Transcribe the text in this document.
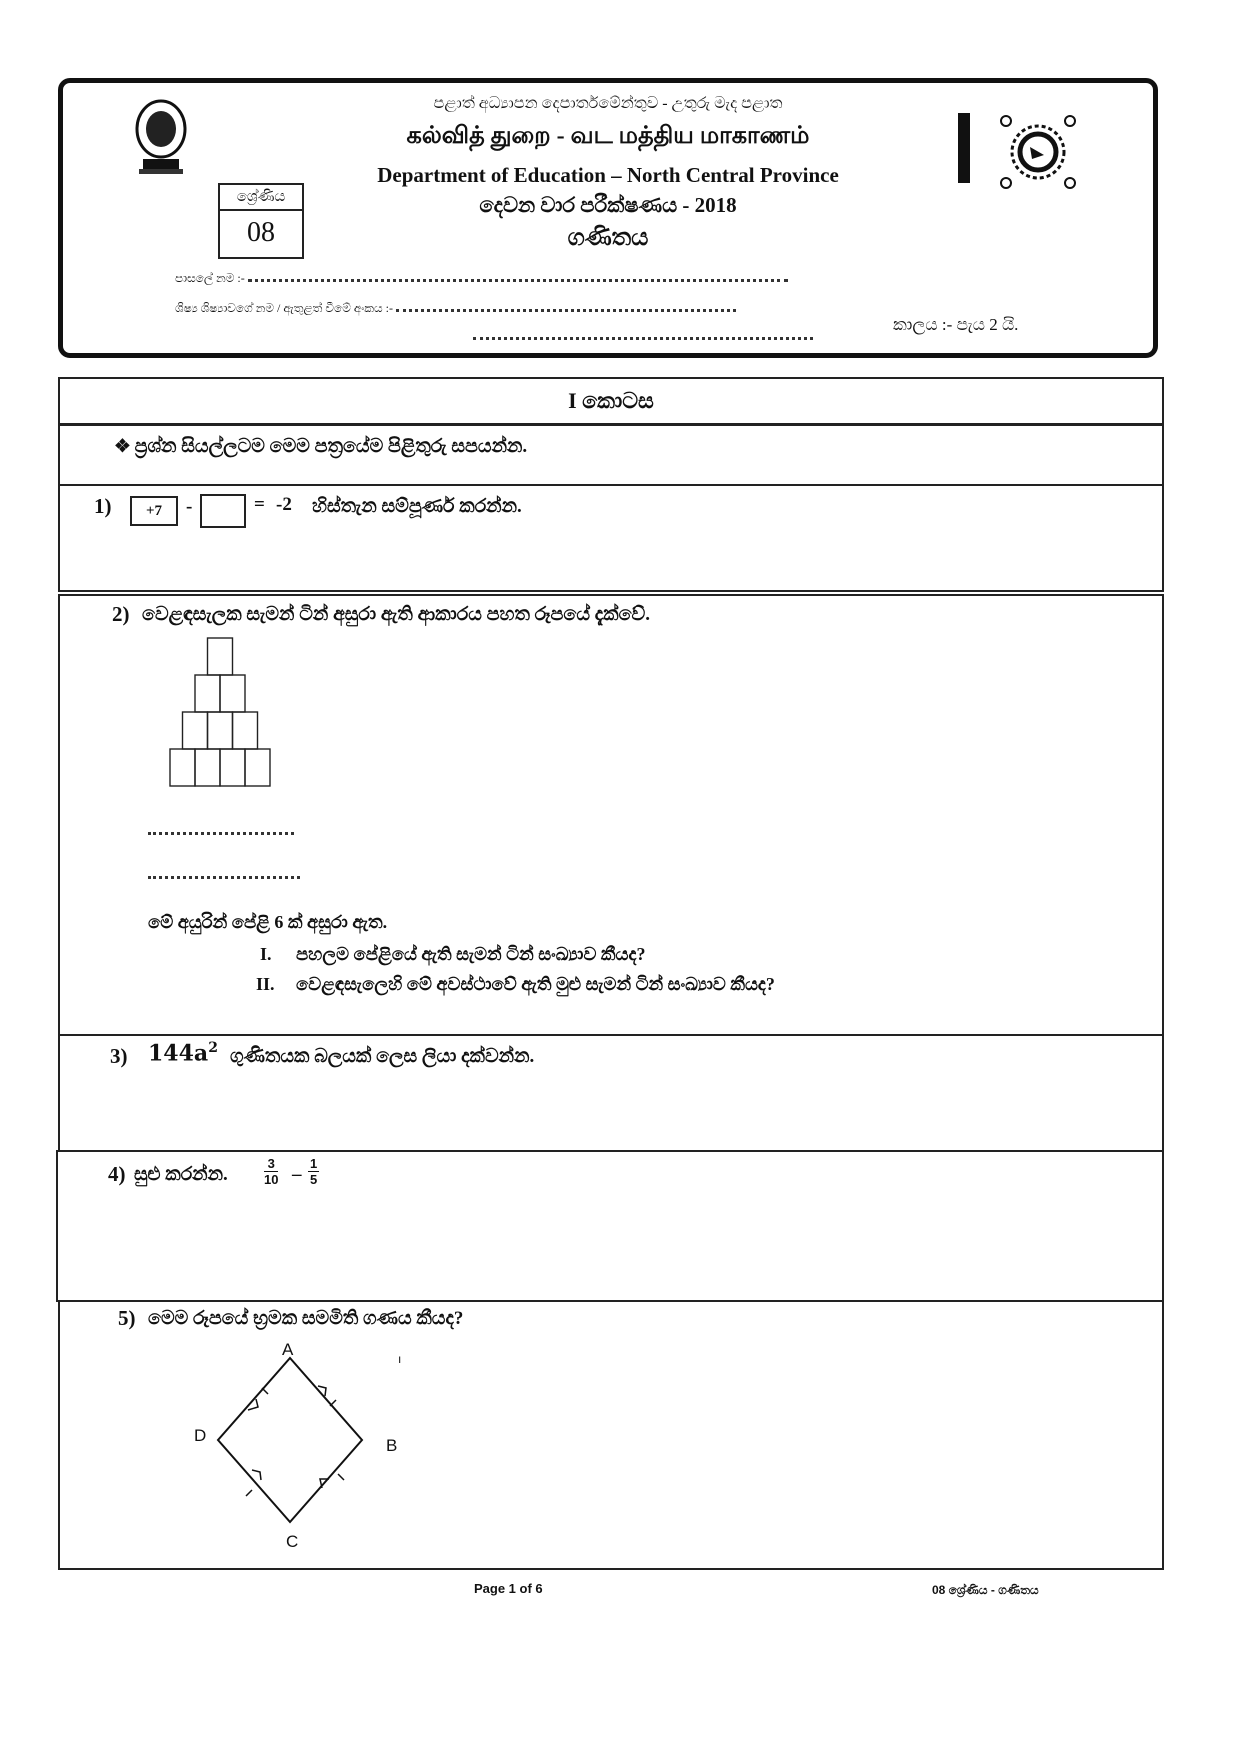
පළාත් අධ්‍යාපන දෙපාර්තමේන්තුව - උතුරු මැද පළාත
கல்வித் துறை - வட மத்திய மாகாணம்
Department of Education – North Central Province
දෙවන වාර පරීක්ෂණය - 2018
ගණිතය
ශ්‍රේණිය
08
පාසලේ නම :-
ශිෂ්‍ය ශිෂ්‍යාවගේ නම / ඇතුළත් වීමේ අංකය :-
කාලය :- පැය 2 යි.
I කොටස
❖ ප්‍රශ්න සියල්ලටම මෙම පත්‍රයේම පිළිතුරු සපයන්න.
1)	+7	-	= -2 හිස්තැන සම්පූර්ණ කරන්න.
2) වෙළඳසැලක සැමන් ටින් අසුරා ඇති ආකාරය පහත රූපයේ දැක්වේ.
මේ අයුරින් පේළි 6 ක් අසුරා ඇත.
I. පහලම පේළියේ ඇති සැමන් ටින් සංඛ්‍යාව කීයද?
II. වෙළඳසැලෙහි මේ අවස්ථාවේ ඇති මුළු සැමන් ටින් සංඛ්‍යාව කීයද?
3) $144a^2$ ගුණිතයක බලයක් ලෙස ලියා දක්වන්න.
4) සුළු කරන්න.	$\frac{3}{10} - \frac{1}{5}$
5) මෙම රූපයේ භ්‍රමක සමමිති ගණය කීයද?
A
B
C
D
ı
Page 1 of 6	08 ශ්‍රේණිය - ගණිතය
